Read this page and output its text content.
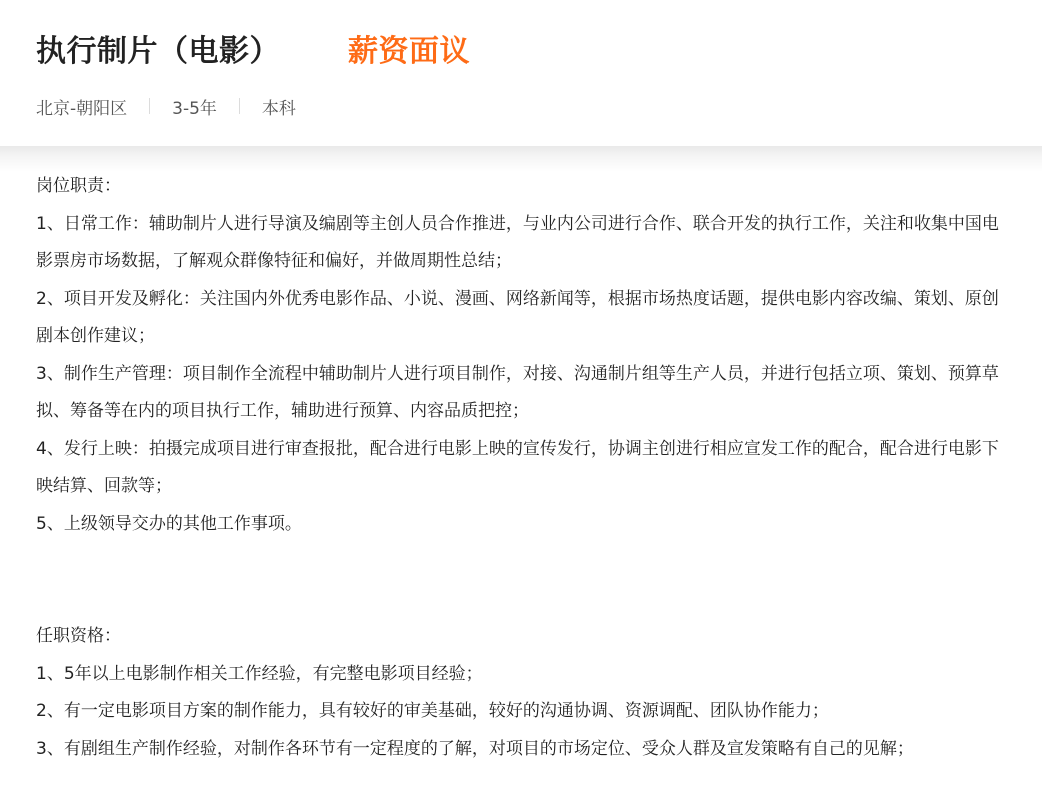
执行制片（电影） 薪资面议
北京-朝阳区	3-5年	本科

岗位职责：

1、日常工作：辅助制片人进行导演及编剧等主创人员合作推进，与业内公司进行合作、联合开发的执行工作，关注和收集中国电影票房市场数据，了解观众群像特征和偏好，并做周期性总结；

2、项目开发及孵化：关注国内外优秀电影作品、小说、漫画、网络新闻等，根据市场热度话题，提供电影内容改编、策划、原创剧本创作建议；

3、制作生产管理：项目制作全流程中辅助制片人进行项目制作，对接、沟通制片组等生产人员，并进行包括立项、策划、预算草拟、筹备等在内的项目执行工作，辅助进行预算、内容品质把控；

4、发行上映：拍摄完成项目进行审查报批，配合进行电影上映的宣传发行，协调主创进行相应宣发工作的配合，配合进行电影下映结算、回款等；

5、上级领导交办的其他工作事项。

任职资格：

1、5年以上电影制作相关工作经验，有完整电影项目经验；

2、有一定电影项目方案的制作能力，具有较好的审美基础，较好的沟通协调、资源调配、团队协作能力；

3、有剧组生产制作经验，对制作各环节有一定程度的了解，对项目的市场定位、受众人群及宣发策略有自己的见解；
